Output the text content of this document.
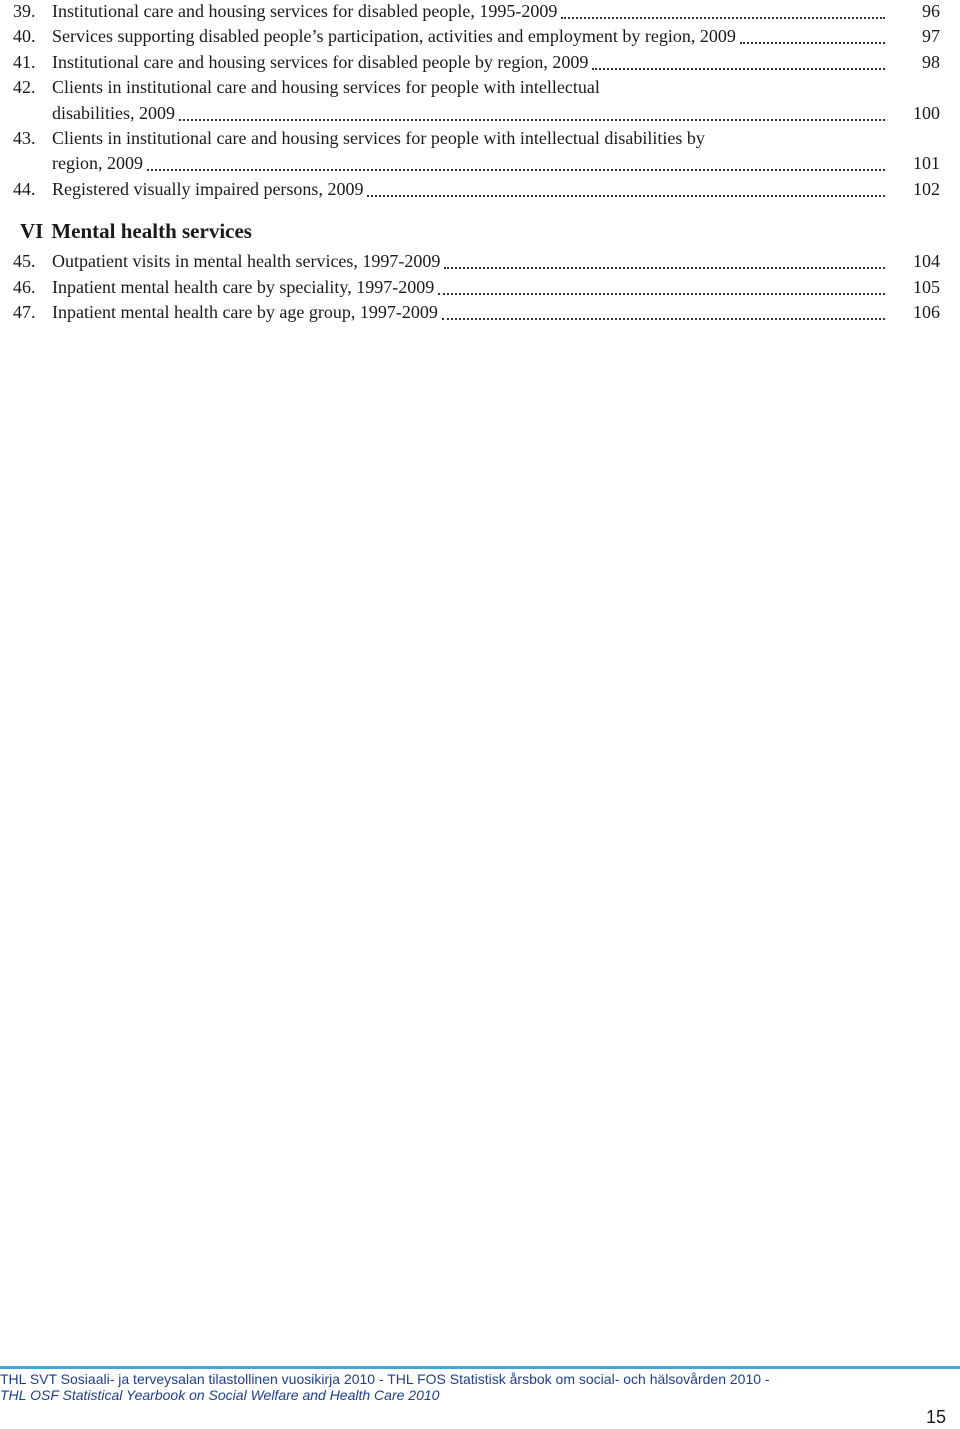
39. Institutional care and housing services for disabled people, 1995-2009	96
40. Services supporting disabled people’s participation, activities and employment by region, 2009	97
41. Institutional care and housing services for disabled people by region, 2009	98
42. Clients in institutional care and housing services for people with intellectual
disabilities, 2009	100
43. Clients in institutional care and housing services for people with intellectual disabilities by
region, 2009	101
44. Registered visually impaired persons, 2009	102
VI Mental health services
45. Outpatient visits in mental health services, 1997-2009	104
46. Inpatient mental health care by speciality, 1997-2009	105
47. Inpatient mental health care by age group, 1997-2009	106
THL SVT Sosiaali- ja terveysalan tilastollinen vuosikirja 2010 - THL FOS Statistisk årsbok om social- och hälsovården 2010 -
THL OSF Statistical Yearbook on Social Welfare and Health Care 2010
15
